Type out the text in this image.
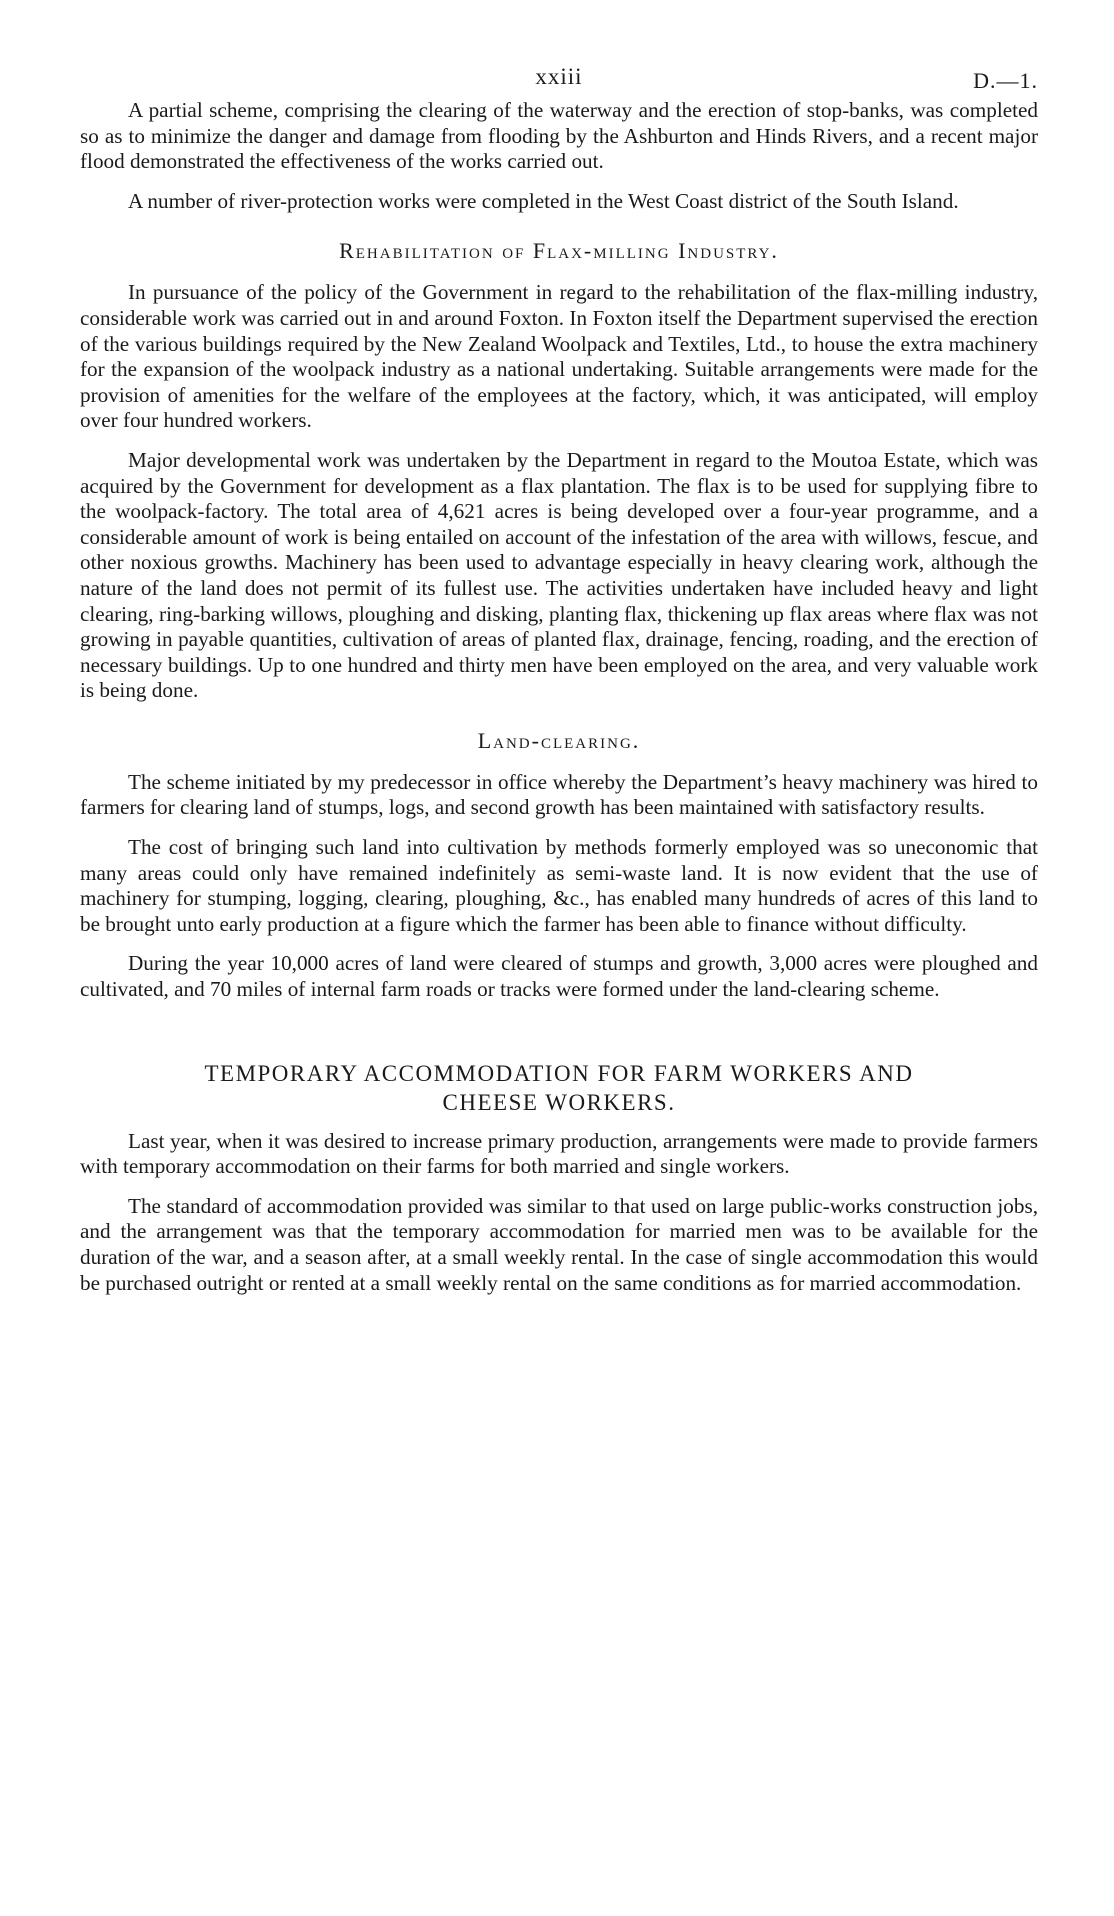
xxiii	D.—1.

A partial scheme, comprising the clearing of the waterway and the erection of stop-banks, was completed so as to minimize the danger and damage from flooding by the Ashburton and Hinds Rivers, and a recent major flood demonstrated the effectiveness of the works carried out.

A number of river-protection works were completed in the West Coast district of the South Island.

Rehabilitation of Flax-milling Industry.

In pursuance of the policy of the Government in regard to the rehabilitation of the flax-milling industry, considerable work was carried out in and around Foxton. In Foxton itself the Department supervised the erection of the various buildings required by the New Zealand Woolpack and Textiles, Ltd., to house the extra machinery for the expansion of the woolpack industry as a national undertaking. Suitable arrangements were made for the provision of amenities for the welfare of the employees at the factory, which, it was anticipated, will employ over four hundred workers.

Major developmental work was undertaken by the Department in regard to the Moutoa Estate, which was acquired by the Government for development as a flax plantation. The flax is to be used for supplying fibre to the woolpack-factory. The total area of 4,621 acres is being developed over a four-year programme, and a considerable amount of work is being entailed on account of the infestation of the area with willows, fescue, and other noxious growths. Machinery has been used to advantage especially in heavy clearing work, although the nature of the land does not permit of its fullest use. The activities undertaken have included heavy and light clearing, ring-barking willows, ploughing and disking, planting flax, thickening up flax areas where flax was not growing in payable quantities, cultivation of areas of planted flax, drainage, fencing, roading, and the erection of necessary buildings. Up to one hundred and thirty men have been employed on the area, and very valuable work is being done.

Land-clearing.

The scheme initiated by my predecessor in office whereby the Department’s heavy machinery was hired to farmers for clearing land of stumps, logs, and second growth has been maintained with satisfactory results.

The cost of bringing such land into cultivation by methods formerly employed was so uneconomic that many areas could only have remained indefinitely as semi-waste land. It is now evident that the use of machinery for stumping, logging, clearing, ploughing, &c., has enabled many hundreds of acres of this land to be brought unto early production at a figure which the farmer has been able to finance without difficulty.

During the year 10,000 acres of land were cleared of stumps and growth, 3,000 acres were ploughed and cultivated, and 70 miles of internal farm roads or tracks were formed under the land-clearing scheme.

TEMPORARY ACCOMMODATION FOR FARM WORKERS AND
CHEESE WORKERS.

Last year, when it was desired to increase primary production, arrangements were made to provide farmers with temporary accommodation on their farms for both married and single workers.

The standard of accommodation provided was similar to that used on large public-works construction jobs, and the arrangement was that the temporary accommodation for married men was to be available for the duration of the war, and a season after, at a small weekly rental. In the case of single accommodation this would be purchased outright or rented at a small weekly rental on the same conditions as for married accommodation.
